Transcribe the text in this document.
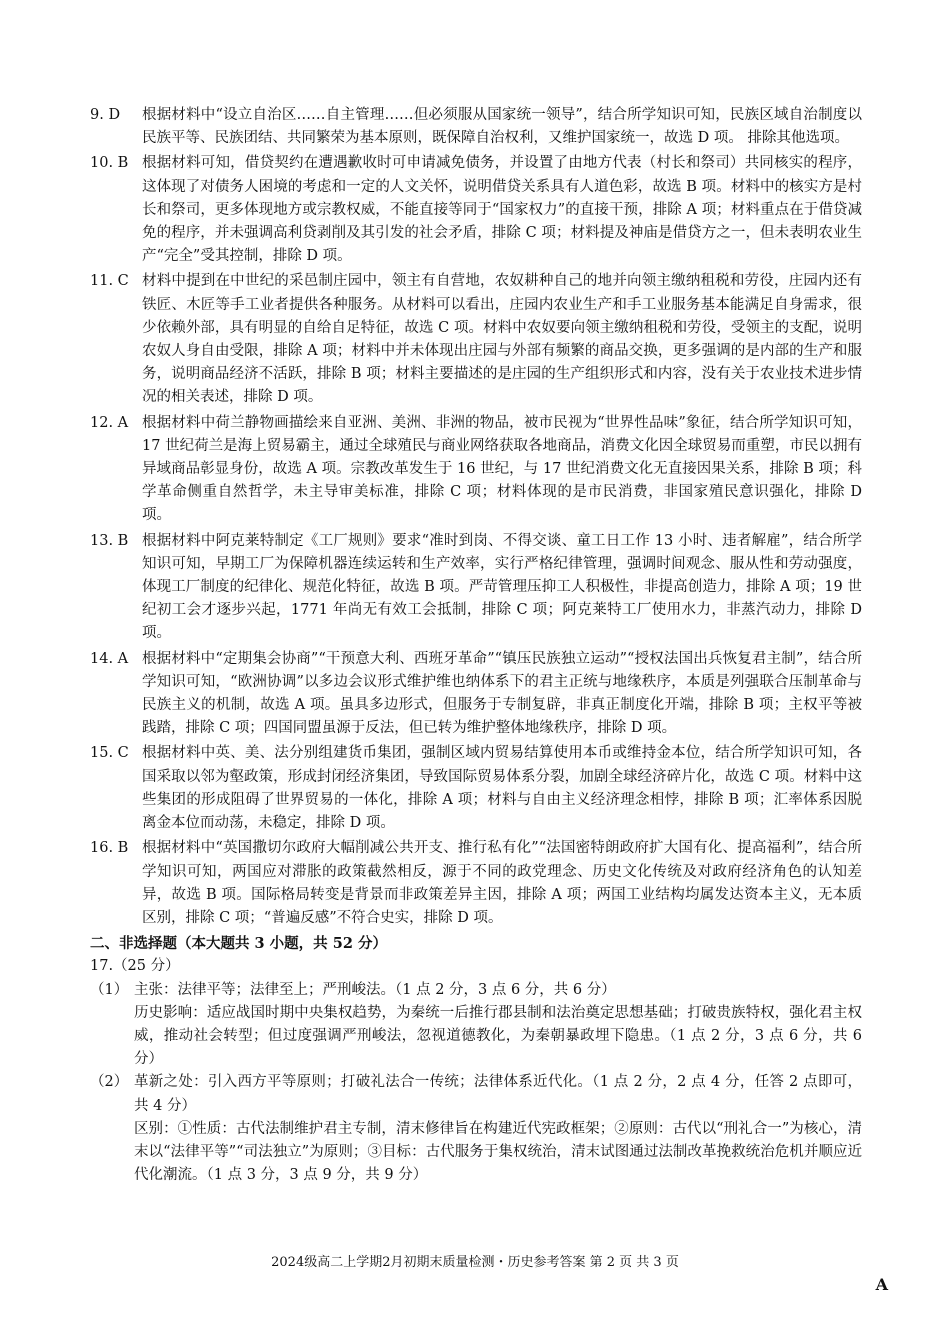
9. D	根据材料中“设立自治区……自主管理……但必须服从国家统一领导”，结合所学知识可知，民族区域自治制度以民族平等、民族团结、共同繁荣为基本原则，既保障自治权利，又维护国家统一，故选 D 项。 排除其他选项。
10. B 根据材料可知，借贷契约在遭遇歉收时可申请减免债务，并设置了由地方代表（村长和祭司）共同核实的程序，这体现了对债务人困境的考虑和一定的人文关怀，说明借贷关系具有人道色彩，故选 B 项。材料中的核实方是村长和祭司，更多体现地方或宗教权威，不能直接等同于“国家权力”的直接干预，排除 A 项；材料重点在于借贷减免的程序，并未强调高利贷剥削及其引发的社会矛盾，排除 C 项；材料提及神庙是借贷方之一，但未表明农业生产“完全”受其控制，排除 D 项。
11. C 材料中提到在中世纪的采邑制庄园中，领主有自营地，农奴耕种自己的地并向领主缴纳租税和劳役，庄园内还有铁匠、木匠等手工业者提供各种服务。从材料可以看出，庄园内农业生产和手工业服务基本能满足自身需求，很少依赖外部，具有明显的自给自足特征，故选 C 项。材料中农奴要向领主缴纳租税和劳役，受领主的支配，说明农奴人身自由受限，排除 A 项；材料中并未体现出庄园与外部有频繁的商品交换，更多强调的是内部的生产和服务，说明商品经济不活跃，排除 B 项；材料主要描述的是庄园的生产组织形式和内容，没有关于农业技术进步情况的相关表述，排除 D 项。
12. A 根据材料中荷兰静物画描绘来自亚洲、美洲、非洲的物品，被市民视为“世界性品味”象征，结合所学知识可知，17 世纪荷兰是海上贸易霸主，通过全球殖民与商业网络获取各地商品，消费文化因全球贸易而重塑，市民以拥有异域商品彰显身份，故选 A 项。宗教改革发生于 16 世纪，与 17 世纪消费文化无直接因果关系，排除 B 项；科学革命侧重自然哲学，未主导审美标准，排除 C 项；材料体现的是市民消费，非国家殖民意识强化，排除 D 项。
13. B 根据材料中阿克莱特制定《工厂规则》要求“准时到岗、不得交谈、童工日工作 13 小时、违者解雇”，结合所学知识可知，早期工厂为保障机器连续运转和生产效率，实行严格纪律管理，强调时间观念、服从性和劳动强度，体现工厂制度的纪律化、规范化特征，故选 B 项。严苛管理压抑工人积极性，非提高创造力，排除 A 项；19 世纪初工会才逐步兴起，1771 年尚无有效工会抵制，排除 C 项；阿克莱特工厂使用水力，非蒸汽动力，排除 D 项。
14. A 根据材料中“定期集会协商”“干预意大利、西班牙革命”“镇压民族独立运动”“授权法国出兵恢复君主制”，结合所学知识可知，“欧洲协调”以多边会议形式维护维也纳体系下的君主正统与地缘秩序，本质是列强联合压制革命与民族主义的机制，故选 A 项。虽具多边形式，但服务于专制复辟，非真正制度化开端，排除 B 项；主权平等被践踏，排除 C 项；四国同盟虽源于反法，但已转为维护整体地缘秩序，排除 D 项。
15. C 根据材料中英、美、法分别组建货币集团，强制区域内贸易结算使用本币或维持金本位，结合所学知识可知，各国采取以邻为壑政策，形成封闭经济集团，导致国际贸易体系分裂，加剧全球经济碎片化，故选 C 项。材料中这些集团的形成阻碍了世界贸易的一体化，排除 A 项；材料与自由主义经济理念相悖，排除 B 项；汇率体系因脱离金本位而动荡，未稳定，排除 D 项。
16. B 根据材料中“英国撒切尔政府大幅削减公共开支、推行私有化”“法国密特朗政府扩大国有化、提高福利”，结合所学知识可知，两国应对滞胀的政策截然相反，源于不同的政党理念、历史文化传统及对政府经济角色的认知差异，故选 B 项。国际格局转变是背景而非政策差异主因，排除 A 项；两国工业结构均属发达资本主义，无本质区别，排除 C 项；“普遍反感”不符合史实，排除 D 项。
二、非选择题（本大题共 3 小题，共 52 分）
17.（25 分）
（1） 主张：法律平等；法律至上；严刑峻法。（1 点 2 分，3 点 6 分，共 6 分）

历史影响：适应战国时期中央集权趋势，为秦统一后推行郡县制和法治奠定思想基础；打破贵族特权，强化君主权威，推动社会转型；但过度强调严刑峻法，忽视道德教化，为秦朝暴政埋下隐患。（1 点 2 分，3 点 6 分，共 6 分）

（2） 革新之处：引入西方平等原则；打破礼法合一传统；法律体系近代化。（1 点 2 分，2 点 4 分，任答 2 点即可，共 4 分）

区别：①性质：古代法制维护君主专制，清末修律旨在构建近代宪政框架；②原则：古代以“刑礼合一”为核心，清末以“法律平等”“司法独立”为原则；③目标：古代服务于集权统治，清末试图通过法制改革挽救统治危机并顺应近代化潮流。（1 点 3 分，3 点 9 分，共 9 分）

2024级高二上学期2月初期末质量检测・历史参考答案 第 2 页 共 3 页
A
